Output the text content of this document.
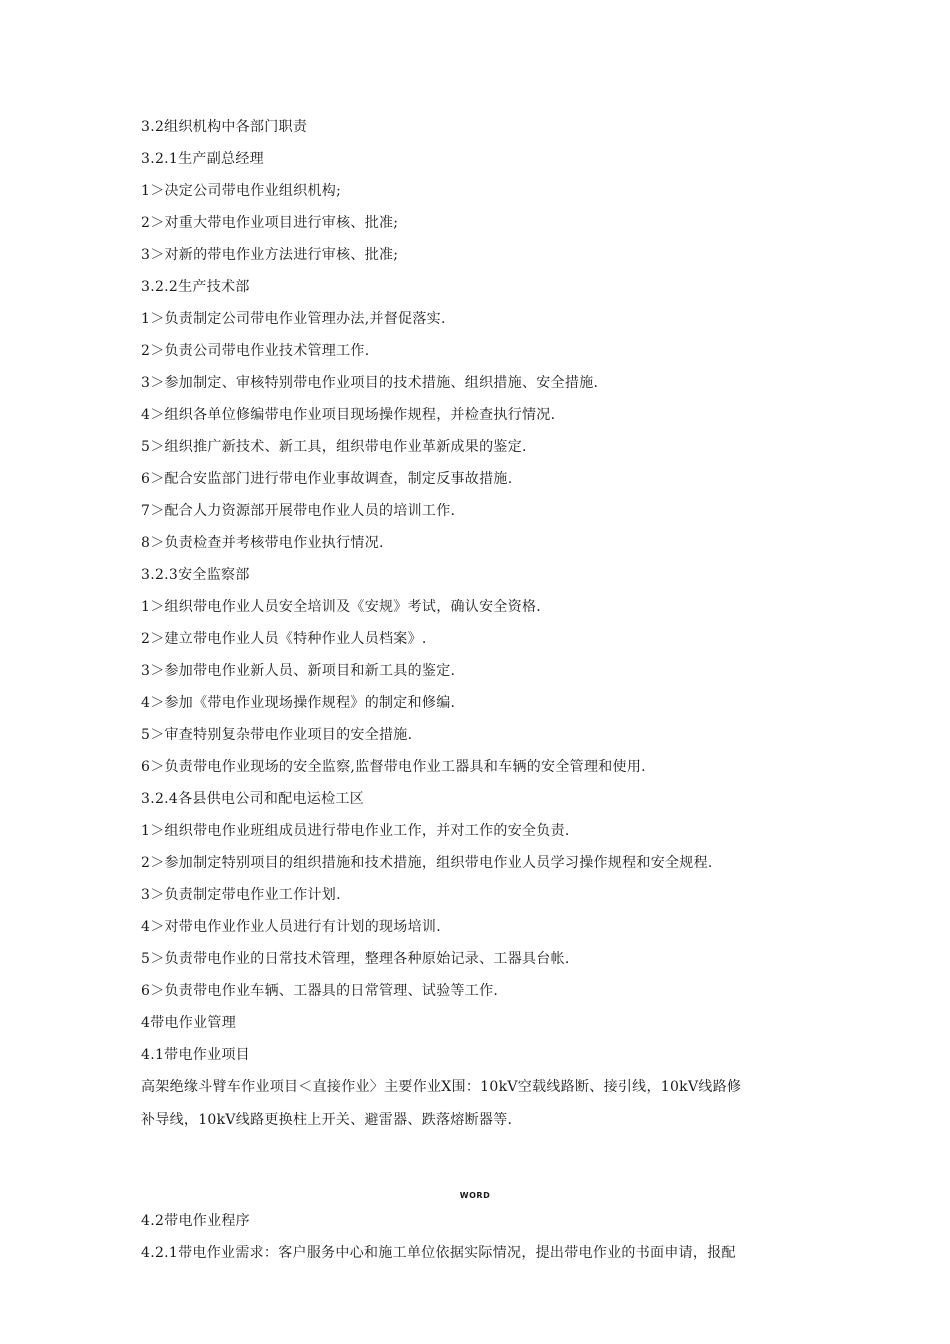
3.2组织机构中各部门职责
3.2.1生产副总经理
1＞决定公司带电作业组织机构;
2＞对重大带电作业项目进行审核、批准;
3＞对新的带电作业方法进行审核、批准;
3.2.2生产技术部
1＞负责制定公司带电作业管理办法,并督促落实.
2＞负责公司带电作业技术管理工作.
3＞参加制定、审核特别带电作业项目的技术措施、组织措施、安全措施.
4＞组织各单位修编带电作业项目现场操作规程，并检查执行情况.
5＞组织推广新技术、新工具，组织带电作业革新成果的鉴定.
6＞配合安监部门进行带电作业事故调查，制定反事故措施.
7＞配合人力资源部开展带电作业人员的培训工作.
8＞负责检查并考核带电作业执行情况.
3.2.3安全监察部
1＞组织带电作业人员安全培训及《安规》考试，确认安全资格.
2＞建立带电作业人员《特种作业人员档案》.
3＞参加带电作业新人员、新项目和新工具的鉴定.
4＞参加《带电作业现场操作规程》的制定和修编.
5＞审查特别复杂带电作业项目的安全措施.
6＞负责带电作业现场的安全监察,监督带电作业工器具和车辆的安全管理和使用.
3.2.4各县供电公司和配电运检工区
1＞组织带电作业班组成员进行带电作业工作，并对工作的安全负责.
2＞参加制定特别项目的组织措施和技术措施，组织带电作业人员学习操作规程和安全规程.
3＞负责制定带电作业工作计划.
4＞对带电作业作业人员进行有计划的现场培训.
5＞负责带电作业的日常技术管理，整理各种原始记录、工器具台帐.
6＞负责带电作业车辆、工器具的日常管理、试验等工作.
4带电作业管理
4.1带电作业项目
高架绝缘斗臂车作业项目＜直接作业〉主要作业X围：10kV空载线路断、接引线，10kV线路修
补导线，10kV线路更换柱上开关、避雷器、跌落熔断器等.
WORD
4.2带电作业程序
4.2.1带电作业需求：客户服务中心和施工单位依据实际情况，提出带电作业的书面申请，报配
